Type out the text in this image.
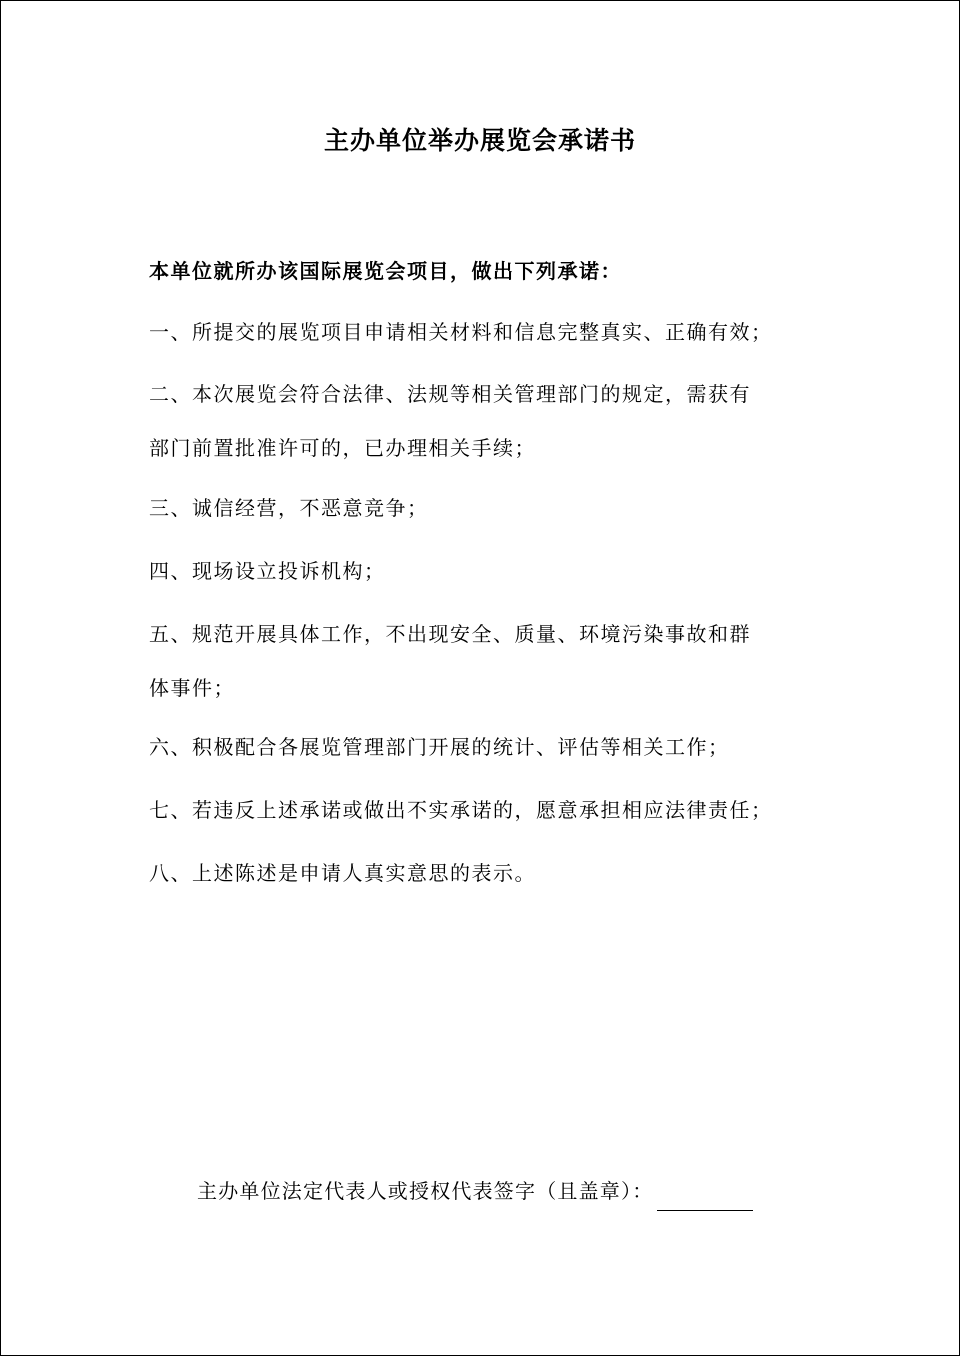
主办单位举办展览会承诺书
本单位就所办该国际展览会项目，做出下列承诺：
一、所提交的展览项目申请相关材料和信息完整真实、正确有效；
二、本次展览会符合法律、法规等相关管理部门的规定，需获有
部门前置批准许可的，已办理相关手续；
三、诚信经营，不恶意竞争；
四、现场设立投诉机构；
五、规范开展具体工作，不出现安全、质量、环境污染事故和群
体事件；
六、积极配合各展览管理部门开展的统计、评估等相关工作；
七、若违反上述承诺或做出不实承诺的，愿意承担相应法律责任；
八、上述陈述是申请人真实意思的表示。
主办单位法定代表人或授权代表签字（且盖章）：
